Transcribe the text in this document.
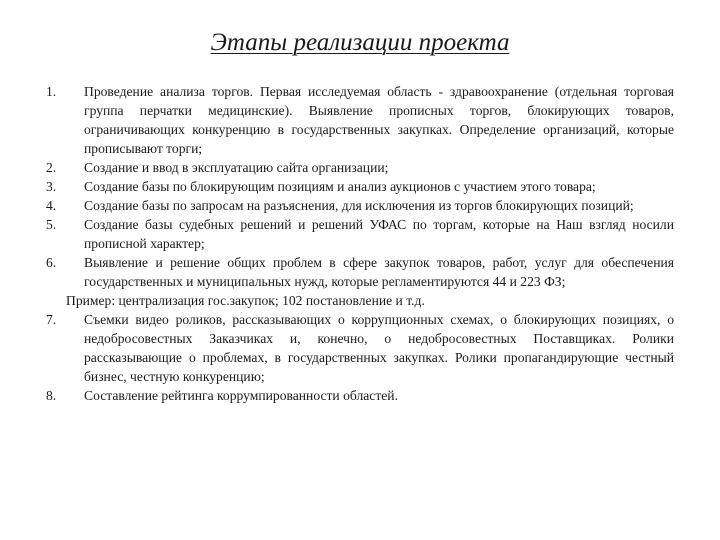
Этапы реализации проекта
1. Проведение анализа торгов. Первая исследуемая область - здравоохранение (отдельная торговая группа перчатки медицинские). Выявление прописных торгов, блокирующих товаров, ограничивающих конкуренцию в государственных закупках. Определение организаций, которые прописывают торги;
2. Создание и ввод в эксплуатацию сайта организации;
3. Создание базы по блокирующим позициям и анализ аукционов с участием этого товара;
4. Создание базы по запросам на разъяснения, для исключения из торгов блокирующих позиций;
5. Создание базы судебных решений и решений УФАС по торгам, которые на Наш взгляд носили прописной характер;
6. Выявление и решение общих проблем в сфере закупок товаров, работ, услуг для обеспечения государственных и муниципальных нужд, которые регламентируются 44 и 223 ФЗ;
Пример: централизация гос.закупок; 102 постановление и т.д.
7. Съемки видео роликов, рассказывающих о коррупционных схемах, о блокирующих позициях, о недобросовестных Заказчиках и, конечно, о недобросовестных Поставщиках. Ролики рассказывающие о проблемах, в государственных закупках. Ролики пропагандирующие честный бизнес, честную конкуренцию;
8. Составление рейтинга коррумпированности областей.
